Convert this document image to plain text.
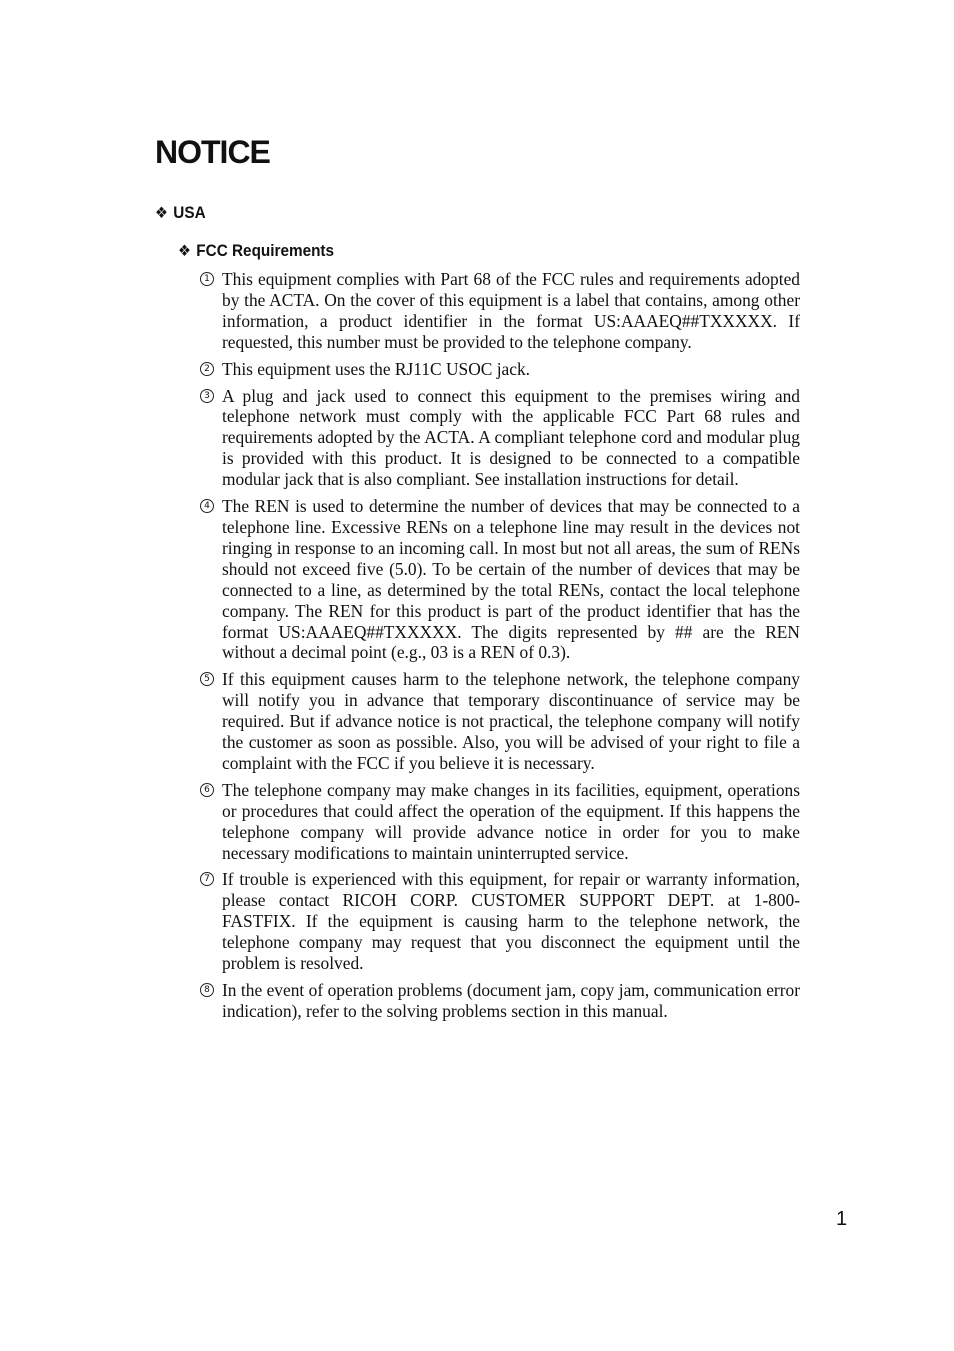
NOTICE
❖ USA
❖ FCC Requirements
1 This equipment complies with Part 68 of the FCC rules and requirements adopted by the ACTA. On the cover of this equipment is a label that contains, among other information, a product identifier in the format US:AAAEQ##TXXXXX. If requested, this number must be provided to the telephone company.
2 This equipment uses the RJ11C USOC jack.
3 A plug and jack used to connect this equipment to the premises wiring and telephone network must comply with the applicable FCC Part 68 rules and requirements adopted by the ACTA. A compliant telephone cord and modular plug is provided with this product. It is designed to be connected to a compatible modular jack that is also compliant. See installation instructions for detail.
4 The REN is used to determine the number of devices that may be connected to a telephone line. Excessive RENs on a telephone line may result in the devices not ringing in response to an incoming call. In most but not all areas, the sum of RENs should not exceed five (5.0). To be certain of the number of devices that may be connected to a line, as determined by the total RENs, contact the local telephone company. The REN for this product is part of the product identifier that has the format US:AAAEQ##TXXXXX. The digits represented by ## are the REN without a decimal point (e.g., 03 is a REN of 0.3).
5 If this equipment causes harm to the telephone network, the telephone company will notify you in advance that temporary discontinuance of service may be required. But if advance notice is not practical, the telephone company will notify the customer as soon as possible. Also, you will be advised of your right to file a complaint with the FCC if you believe it is necessary.
6 The telephone company may make changes in its facilities, equipment, operations or procedures that could affect the operation of the equipment. If this happens the telephone company will provide advance notice in order for you to make necessary modifications to maintain uninterrupted service.
7 If trouble is experienced with this equipment, for repair or warranty information, please contact RICOH CORP. CUSTOMER SUPPORT DEPT. at 1-800-FASTFIX. If the equipment is causing harm to the telephone network, the telephone company may request that you disconnect the equipment until the problem is resolved.
8 In the event of operation problems (document jam, copy jam, communication error indication), refer to the solving problems section in this manual.
1
